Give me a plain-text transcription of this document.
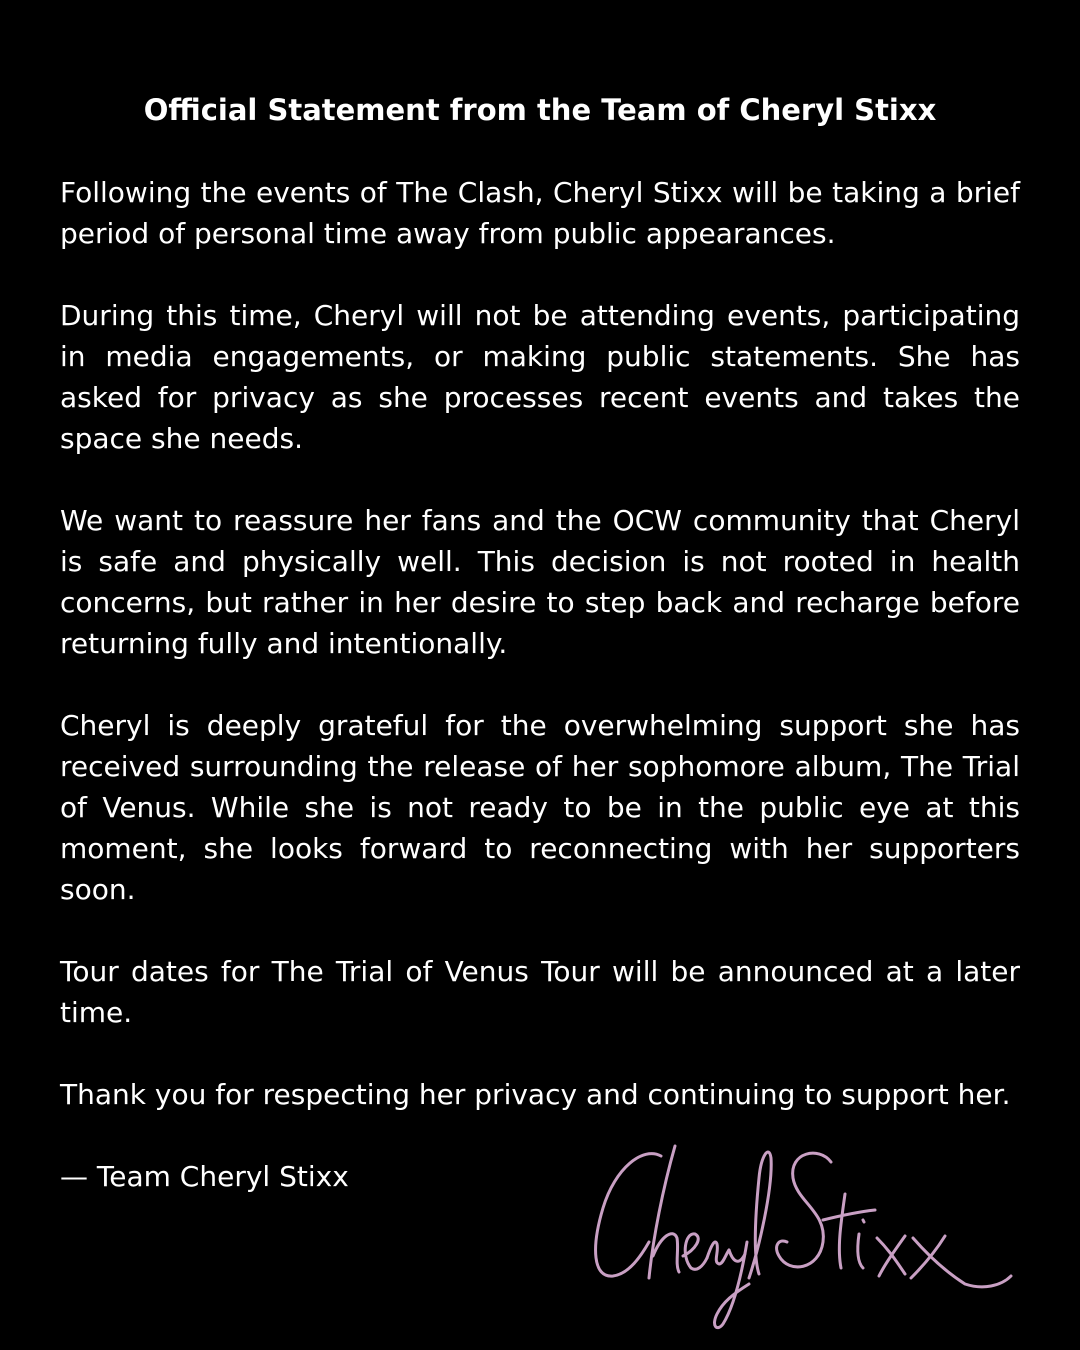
Official Statement from the Team of Cheryl Stixx

Following the events of The Clash, Cheryl Stixx will be taking a brief period of personal time away from public appearances.

During this time, Cheryl will not be attending events, participating in media engagements, or making public statements. She has asked for privacy as she processes recent events and takes the space she needs.

We want to reassure her fans and the OCW community that Cheryl is safe and physically well. This decision is not rooted in health concerns, but rather in her desire to step back and recharge before returning fully and intentionally.

Cheryl is deeply grateful for the overwhelming support she has received surrounding the release of her sophomore album, The Trial of Venus. While she is not ready to be in the public eye at this moment, she looks forward to reconnecting with her supporters soon.

Tour dates for The Trial of Venus Tour will be announced at a later time.

Thank you for respecting her privacy and continuing to support her.

— Team Cheryl Stixx
